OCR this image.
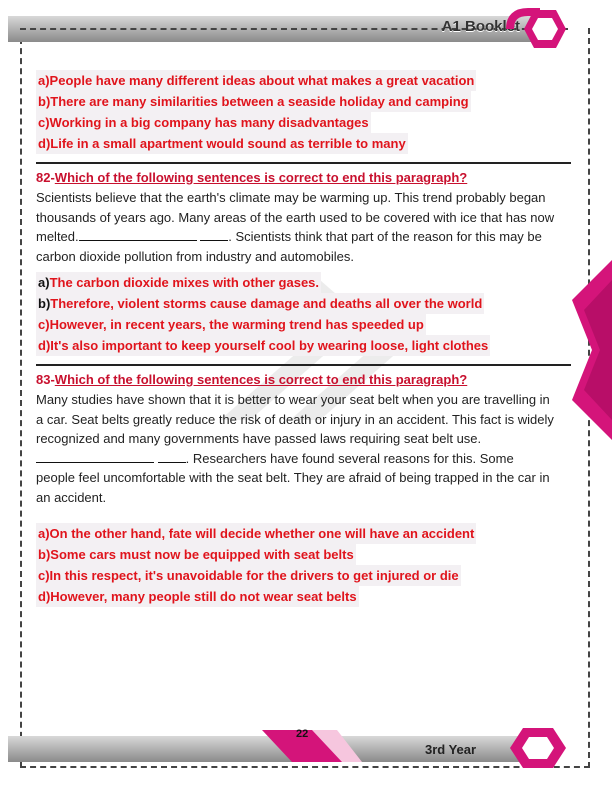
A1 Booklet
a)People have many different ideas about what makes a great vacation
b)There are many similarities between a seaside holiday and camping
c)Working in a big company has many disadvantages
d)Life in a small apartment would sound as terrible to many
82-Which of the following sentences is correct to end this paragraph?
Scientists believe that the earth's climate may be warming up. This trend probably began thousands of years ago. Many areas of the earth used to be covered with ice that has now melted.	. Scientists think that part of the reason for this may be carbon dioxide pollution from industry and automobiles.
a)The carbon dioxide mixes with other gases.
b)Therefore, violent storms cause damage and deaths all over the world
c)However, in recent years, the warming trend has speeded up
d)It's also important to keep yourself cool by wearing loose, light clothes
83-Which of the following sentences is correct to end this paragraph?
Many studies have shown that it is better to wear your seat belt when you are travelling in a car. Seat belts greatly reduce the risk of death or injury in an accident. This fact is widely recognized and many governments have passed laws requiring seat belt use. . Researchers have found several reasons for this. Some people feel uncomfortable with the seat belt. They are afraid of being trapped in the car in an accident.
a)On the other hand, fate will decide whether one will have an accident
b)Some cars must now be equipped with seat belts
c)In this respect, it's unavoidable for the drivers to get injured or die
d)However, many people still do not wear seat belts
22
3rd Year
